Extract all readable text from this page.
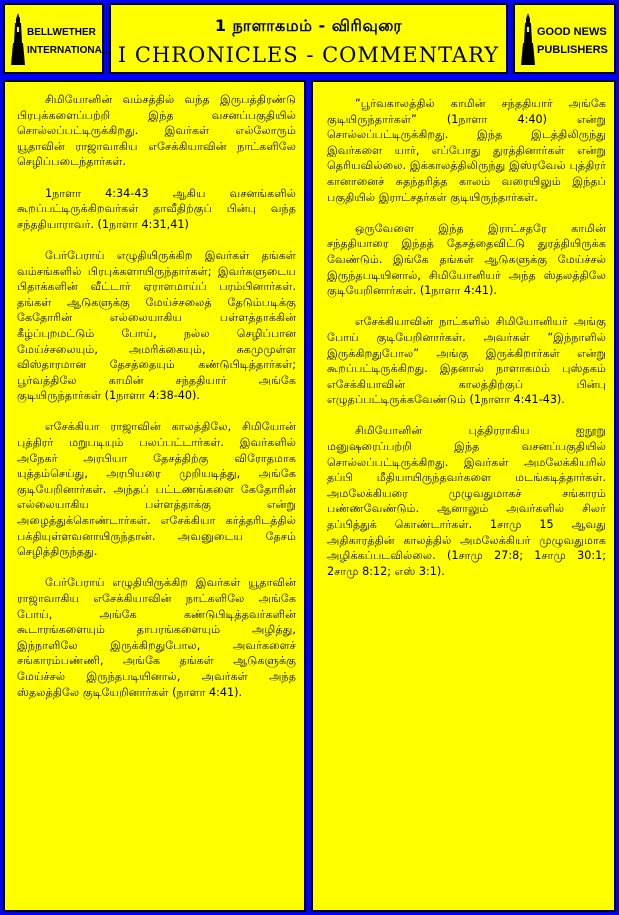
BELLWETHER
INTERNATIONAL
1 நாளாகமம் - விரிவுரை
I CHRONICLES - COMMENTARY
GOOD NEWS
PUBLISHERS

சிமியோனின் வம்சத்தில் வந்த இருபத்திரண்டு பிரபுக்களைப்பற்றி இந்த வசனப்பகுதியில் சொல்லப்பட்டிருக்கிறது. இவர்கள் எல்லோரும் யூதாவின் ராஜாவாகிய எசேக்கியாவின் நாட்களிலே செழிப்படைந்தார்கள்.

1நாளா 4:34-43 ஆகிய வசனங்களில் கூறப்பட்டிருக்கிறவர்கள் தாவீதிற்குப் பின்பு வந்த சந்ததியாராவர். (1நாளா 4:31,41)

பேர்பேராய் எழுதியிருக்கிற இவர்கள் தங்கள் வம்சங்களில் பிரபுக்களாயிருந்தார்கள்; இவர்களுடைய பிதாக்களின் வீட்டார் ஏராளமாய்ப் பரம்பினார்கள். தங்கள் ஆடுகளுக்கு மேய்ச்சலைத் தேடும்படிக்கு கேதோரின் எல்லையாகிய பள்ளத்தாக்கின் கீழ்ப்புறமட்டும் போய், நல்ல செழிப்பான மேய்ச்சலையும், அமரிக்கையும், சுகமுமுள்ள விஸ்தாரமான தேசத்தையும் கண்டுபிடித்தார்கள்; பூர்வத்திலே காமின் சந்ததியார் அங்கே குடியிருந்தார்கள் (1நாளா 4:38-40).

எசேக்கியா ராஜாவின் காலத்திலே, சிமியோன் புத்திரர் மறுபடியும் பலப்பட்டார்கள். இவர்களில் அநேகர் அரபியா தேசத்திற்கு விரோதமாக யுத்தம்செய்து, அரபியரை முறியடித்து, அங்கே குடியேறினார்கள். அந்தப் பட்டணங்களை கேதோரின் எல்லையாகிய பள்ளத்தாக்கு என்று அழைத்துக்கொண்டார்கள். எசேக்கியா கர்த்தரிடத்தில் பக்தியுள்ளவனாயிருந்தான். அவனுடைய தேசம் செழித்திருந்தது.

பேர்பேராய் எழுதியிருக்கிற இவர்கள் யூதாவின் ராஜாவாகிய எசேக்கியாவின் நாட்களிலே அங்கே போய், அங்கே கண்டுபிடித்தவர்களின் கூடாரங்களையும் தாபரங்களையும் அழித்து, இந்நாளிலே இருக்கிறதுபோல, அவர்களைச் சங்காரம்பண்ணி, அங்கே தங்கள் ஆடுகளுக்கு மேய்ச்சல் இருந்தபடியினால், அவர்கள் அந்த ஸ்தலத்திலே குடியேறினார்கள் (நாளா 4:41).

“பூர்வகாலத்தில் காமின் சந்ததியார் அங்கே குடியிருந்தார்கள்” (1நாளா 4:40) என்று சொல்லப்பட்டிருக்கிறது. இந்த இடத்திலிருந்து இவர்களை யார், எப்போது துரத்தினார்கள் என்று தெரியவில்லை. இக்காலத்திலிருந்து இஸ்ரவேல் புத்திரர் கானானைச் சுதந்தரித்த காலம் வரையிலும் இந்தப் பகுதியில் இராட்சதர்கள் குடியிருந்தார்கள்.

ஒருவேளை இந்த இராட்சதரே காமின் சந்ததியாரை இந்தத் தேசத்தைவிட்டு துரத்தியிருக்க வேண்டும். இங்கே தங்கள் ஆடுகளுக்கு மேய்ச்சல் இருந்தபடியினால், சிமியோனியர் அந்த ஸ்தலத்திலே குடியேறினார்கள். (1நாளா 4:41).

எசேக்கியாவின் நாட்களில் சிமியோனியர் அங்கு போய் குடியேறினார்கள். அவர்கள் “இந்நாளில் இருக்கிறதுபோல” அங்கு இருக்கிறார்கள் என்று கூறப்பட்டிருக்கிறது. இதனால் நாளாகமம் புஸ்தகம் எசேக்கியாவின் காலத்திற்குப் பின்பு எழுதப்பட்டிருக்கவேண்டும் (1நாளா 4:41-43).

சிமியோனின் புத்திரராகிய ஐநூறு மனுஷரைப்பற்றி இந்த வசனப்பகுதியில் சொல்லப்பட்டிருக்கிறது. இவர்கள் அமலேக்கியரில் தப்பி மீதியாயிருந்தவர்களை மடங்கடித்தார்கள். அமலேக்கியரை முழுவதுமாகச் சங்காரம் பண்ணவேண்டும். ஆனாலும் அவர்களில் சிலர் தப்பித்துக் கொண்டார்கள். 1சாமு 15 ஆவது அதிகாரத்தின் காலத்தில் அமலேக்கியர் முழுவதுமாக அழிக்கப்படவில்லை. (1சாமு 27:8; 1சாமு 30:1; 2சாமு 8:12; எஸ் 3:1).
